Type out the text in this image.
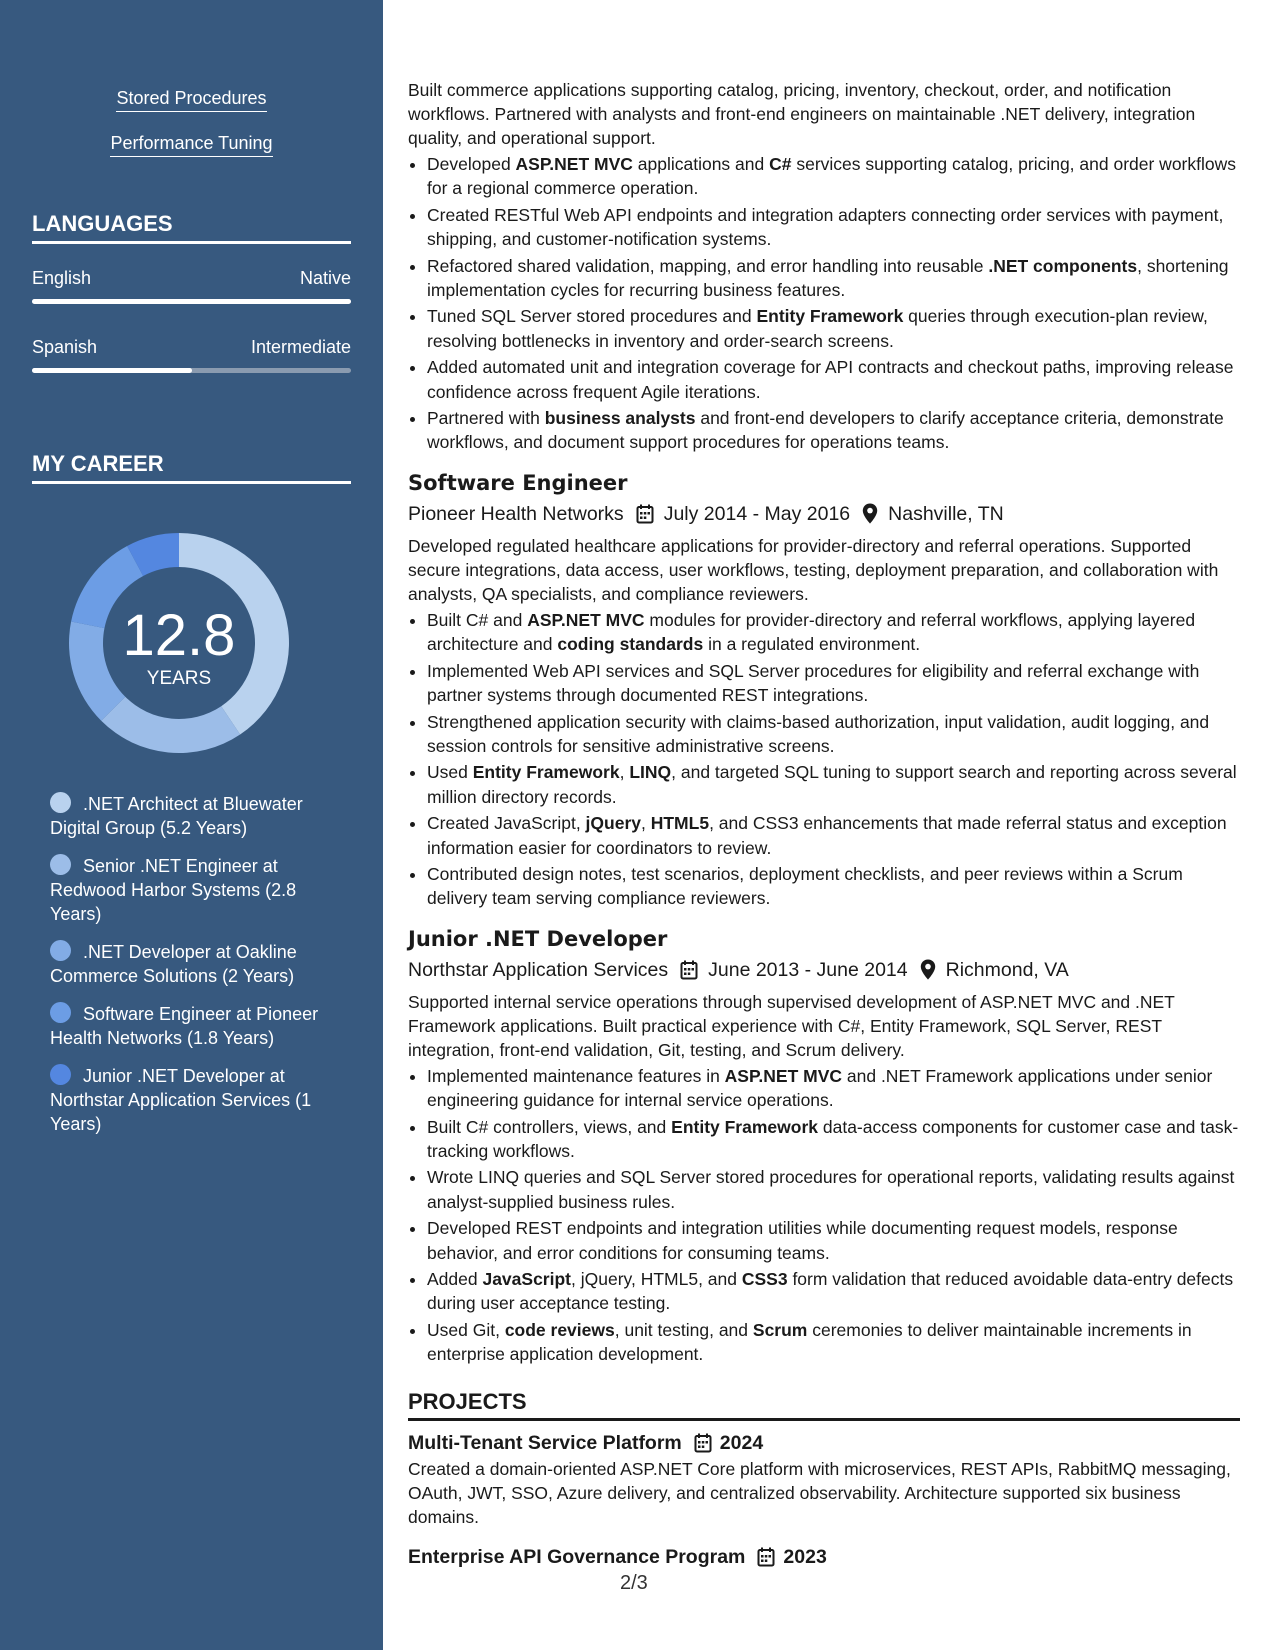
Stored Procedures
Performance Tuning
LANGUAGES
English	Native
Spanish	Intermediate
MY CAREER
12.8
YEARS
.NET Architect at Bluewater Digital Group (5.2 Years)
Senior .NET Engineer at Redwood Harbor Systems (2.8 Years)
.NET Developer at Oakline Commerce Solutions (2 Years)
Software Engineer at Pioneer Health Networks (1.8 Years)
Junior .NET Developer at Northstar Application Services (1 Years)

Built commerce applications supporting catalog, pricing, inventory, checkout, order, and notification workflows. Partnered with analysts and front-end engineers on maintainable .NET delivery, integration quality, and operational support.

• Developed ASP.NET MVC applications and C# services supporting catalog, pricing, and order workflows for a regional commerce operation.
• Created RESTful Web API endpoints and integration adapters connecting order services with payment, shipping, and customer-notification systems.
• Refactored shared validation, mapping, and error handling into reusable .NET components, shortening implementation cycles for recurring business features.
• Tuned SQL Server stored procedures and Entity Framework queries through execution-plan review, resolving bottlenecks in inventory and order-search screens.
• Added automated unit and integration coverage for API contracts and checkout paths, improving release confidence across frequent Agile iterations.
• Partnered with business analysts and front-end developers to clarify acceptance criteria, demonstrate workflows, and document support procedures for operations teams.
Software Engineer
Pioneer Health Networks July 2014 - May 2016 Nashville, TN

Developed regulated healthcare applications for provider-directory and referral operations. Supported secure integrations, data access, user workflows, testing, deployment preparation, and collaboration with analysts, QA specialists, and compliance reviewers.

• Built C# and ASP.NET MVC modules for provider-directory and referral workflows, applying layered architecture and coding standards in a regulated environment.
• Implemented Web API services and SQL Server procedures for eligibility and referral exchange with partner systems through documented REST integrations.
• Strengthened application security with claims-based authorization, input validation, audit logging, and session controls for sensitive administrative screens.
• Used Entity Framework, LINQ, and targeted SQL tuning to support search and reporting across several million directory records.
• Created JavaScript, jQuery, HTML5, and CSS3 enhancements that made referral status and exception information easier for coordinators to review.
• Contributed design notes, test scenarios, deployment checklists, and peer reviews within a Scrum delivery team serving compliance reviewers.
Junior .NET Developer
Northstar Application Services June 2013 - June 2014 Richmond, VA

Supported internal service operations through supervised development of ASP.NET MVC and .NET Framework applications. Built practical experience with C#, Entity Framework, SQL Server, REST integration, front-end validation, Git, testing, and Scrum delivery.

• Implemented maintenance features in ASP.NET MVC and .NET Framework applications under senior engineering guidance for internal service operations.
• Built C# controllers, views, and Entity Framework data-access components for customer case and task-tracking workflows.
• Wrote LINQ queries and SQL Server stored procedures for operational reports, validating results against analyst-supplied business rules.
• Developed REST endpoints and integration utilities while documenting request models, response behavior, and error conditions for consuming teams.
• Added JavaScript, jQuery, HTML5, and CSS3 form validation that reduced avoidable data-entry defects during user acceptance testing.
• Used Git, code reviews, unit testing, and Scrum ceremonies to deliver maintainable increments in enterprise application development.
PROJECTS
Multi-Tenant Service Platform 2024

Created a domain-oriented ASP.NET Core platform with microservices, REST APIs, RabbitMQ messaging, OAuth, JWT, SSO, Azure delivery, and centralized observability. Architecture supported six business domains.

Enterprise API Governance Program 2023
2/3
